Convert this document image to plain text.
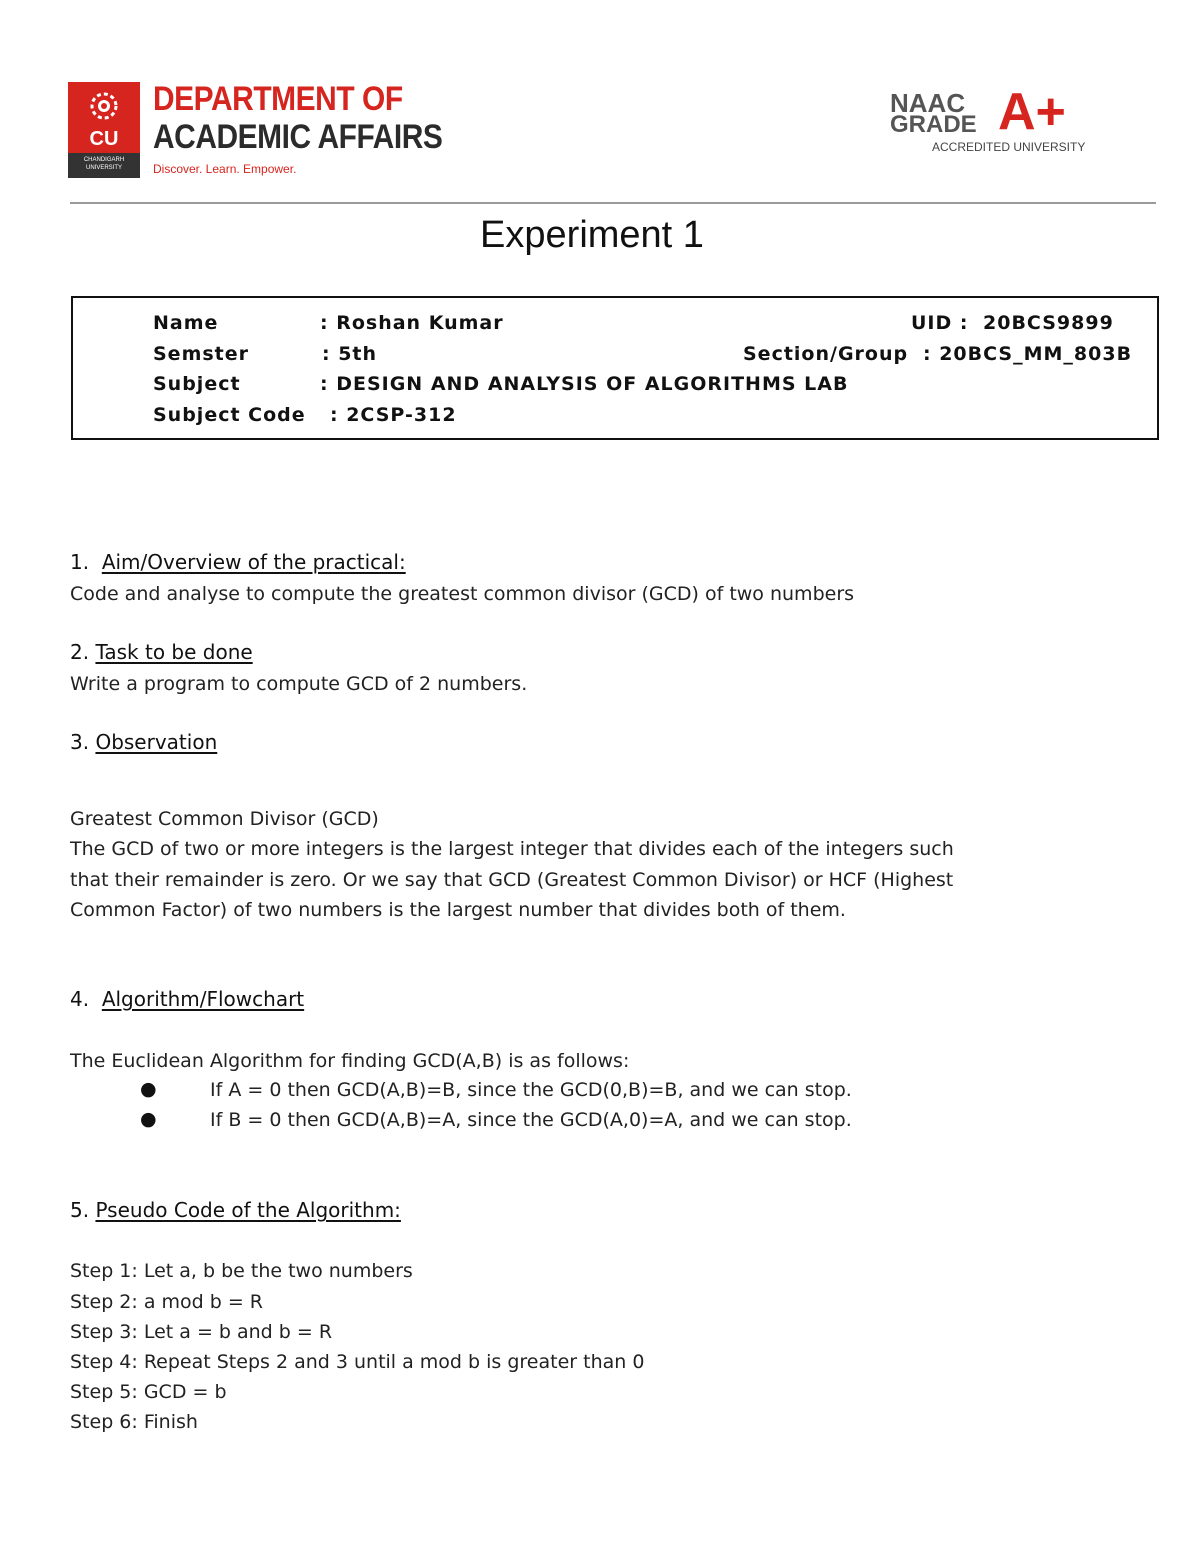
CU
CHANDIGARH UNIVERSITY
DEPARTMENT OF
ACADEMIC AFFAIRS
Discover. Learn. Empower.
NAAC
GRADE A+
ACCREDITED UNIVERSITY
Experiment 1
Name	: Roshan Kumar	UID : 20BCS9899
Semster	: 5th	Section/Group : 20BCS_MM_803B
Subject	: DESIGN AND ANALYSIS OF ALGORITHMS LAB
Subject Code : 2CSP-312
1. Aim/Overview of the practical:
Code and analyse to compute the greatest common divisor (GCD) of two numbers
2. Task to be done
Write a program to compute GCD of 2 numbers.
3. Observation
Greatest Common Divisor (GCD)
The GCD of two or more integers is the largest integer that divides each of the integers such
that their remainder is zero. Or we say that GCD (Greatest Common Divisor) or HCF (Highest
Common Factor) of two numbers is the largest number that divides both of them.
4. Algorithm/Flowchart
The Euclidean Algorithm for finding GCD(A,B) is as follows:
●	If A = 0 then GCD(A,B)=B, since the GCD(0,B)=B, and we can stop.
●	If B = 0 then GCD(A,B)=A, since the GCD(A,0)=A, and we can stop.
5. Pseudo Code of the Algorithm:
Step 1: Let a, b be the two numbers
Step 2: a mod b = R
Step 3: Let a = b and b = R
Step 4: Repeat Steps 2 and 3 until a mod b is greater than 0
Step 5: GCD = b
Step 6: Finish
